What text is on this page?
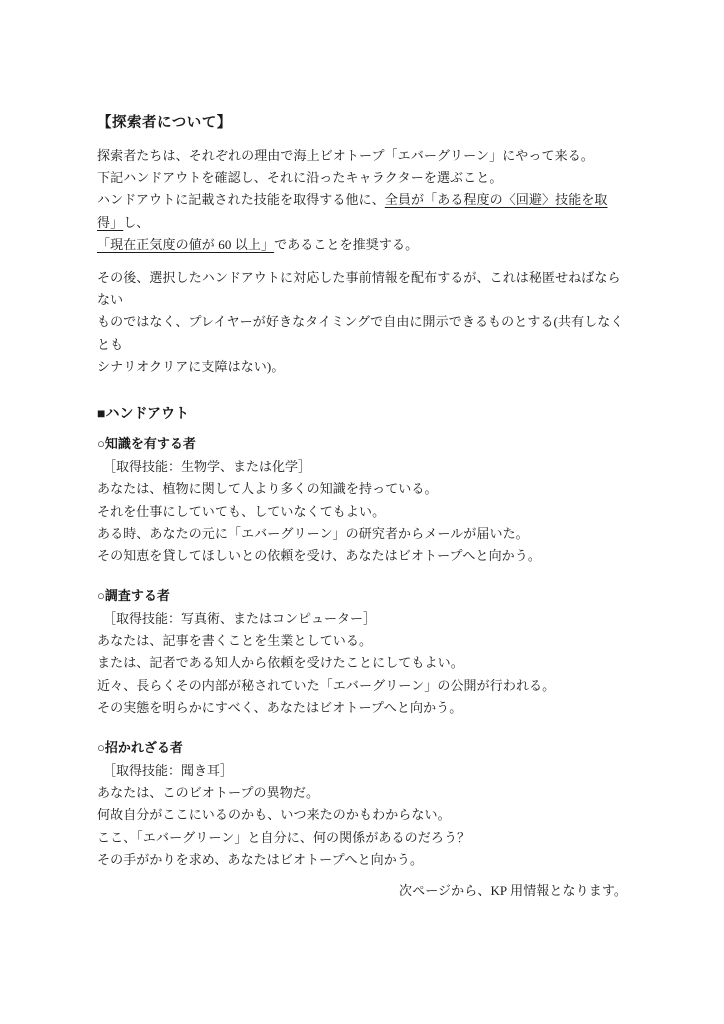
【探索者について】

探索者たちは、それぞれの理由で海上ビオトープ「エバーグリーン」にやって来る。

下記ハンドアウトを確認し、それに沿ったキャラクターを選ぶこと。

ハンドアウトに記載された技能を取得する他に、全員が「ある程度の〈回避〉技能を取得」し、

「現在正気度の値が 60 以上」であることを推奨する。

その後、選択したハンドアウトに対応した事前情報を配布するが、これは秘匿せねばならない

ものではなく、プレイヤーが好きなタイミングで自由に開示できるものとする(共有しなくとも

シナリオクリアに支障はない)。

■ハンドアウト
○知識を有する者

［取得技能：生物学、または化学］

あなたは、植物に関して人より多くの知識を持っている。

それを仕事にしていても、していなくてもよい。

ある時、あなたの元に「エバーグリーン」の研究者からメールが届いた。

その知恵を貸してほしいとの依頼を受け、あなたはビオトープへと向かう。

○調査する者

［取得技能：写真術、またはコンピューター］

あなたは、記事を書くことを生業としている。

または、記者である知人から依頼を受けたことにしてもよい。

近々、長らくその内部が秘されていた「エバーグリーン」の公開が行われる。

その実態を明らかにすべく、あなたはビオトープへと向かう。

○招かれざる者

［取得技能：聞き耳］

あなたは、このビオトープの異物だ。

何故自分がここにいるのかも、いつ来たのかもわからない。

ここ、「エバーグリーン」と自分に、何の関係があるのだろう？

その手がかりを求め、あなたはビオトープへと向かう。

次ページから、KP 用情報となります。
